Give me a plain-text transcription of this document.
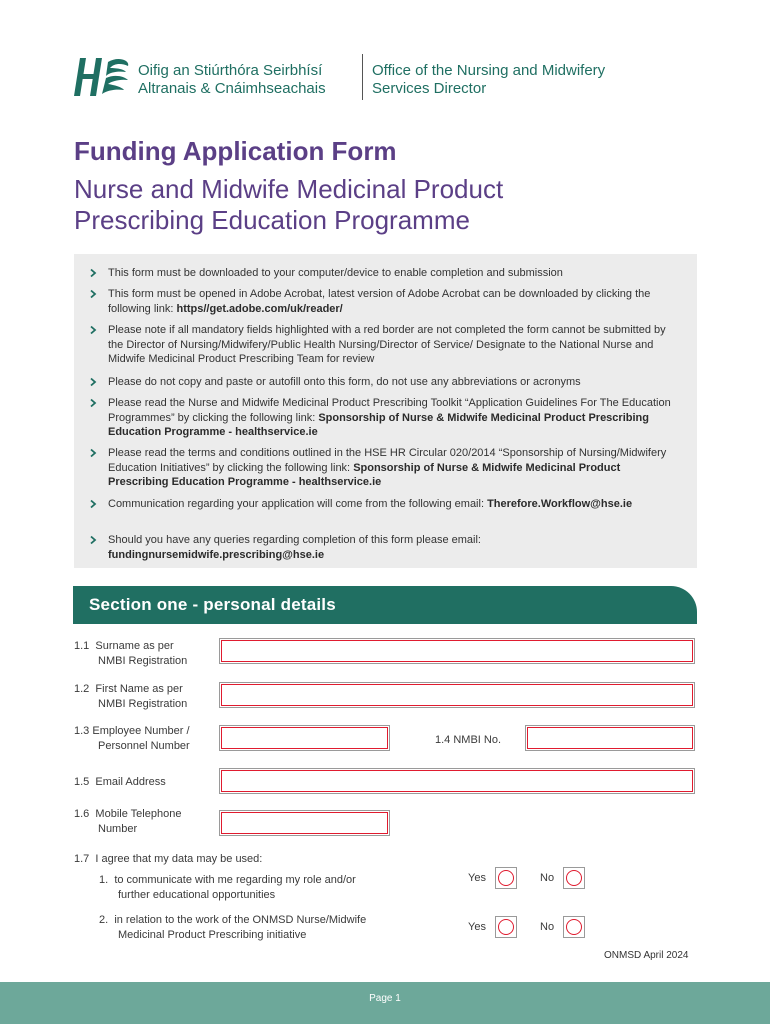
Oifig an Stiúrthóra Seirbhísí
Altranais & Cnáimhseachais
Office of the Nursing and Midwifery
Services Director
Funding Application Form
Nurse and Midwife Medicinal Product
Prescribing Education Programme
This form must be downloaded to your computer/device to enable completion and submission
This form must be opened in Adobe Acrobat, latest version of Adobe Acrobat can be downloaded by clicking the following link: https//get.adobe.com/uk/reader/
Please note if all mandatory fields highlighted with a red border are not completed the form cannot be submitted by the Director of Nursing/Midwifery/Public Health Nursing/Director of Service/ Designate to the National Nurse and Midwife Medicinal Product Prescribing Team for review
Please do not copy and paste or autofill onto this form, do not use any abbreviations or acronyms
Please read the Nurse and Midwife Medicinal Product Prescribing Toolkit “Application Guidelines For The Education Programmes” by clicking the following link: Sponsorship of Nurse & Midwife Medicinal Product Prescribing Education Programme - healthservice.ie
Please read the terms and conditions outlined in the HSE HR Circular 020/2014 “Sponsorship of Nursing/Midwifery Education Initiatives” by clicking the following link: Sponsorship of Nurse & Midwife Medicinal Product Prescribing Education Programme - healthservice.ie
Communication regarding your application will come from the following email: Therefore.Workflow@hse.ie
Should you have any queries regarding completion of this form please email: fundingnursemidwife.prescribing@hse.ie
Section one - personal details
1.1 Surname as per
NMBI Registration
1.2 First Name as per
NMBI Registration
1.3 Employee Number /
Personnel Number	1.4 NMBI No.
1.5 Email Address
1.6 Mobile Telephone
Number
1.7 I agree that my data may be used:
1. to communicate with me regarding my role and/or
further educational opportunities
Yes	No
2. in relation to the work of the ONMSD Nurse/Midwife
Medicinal Product Prescribing initiative
Yes	No
ONMSD April 2024
Page 1
